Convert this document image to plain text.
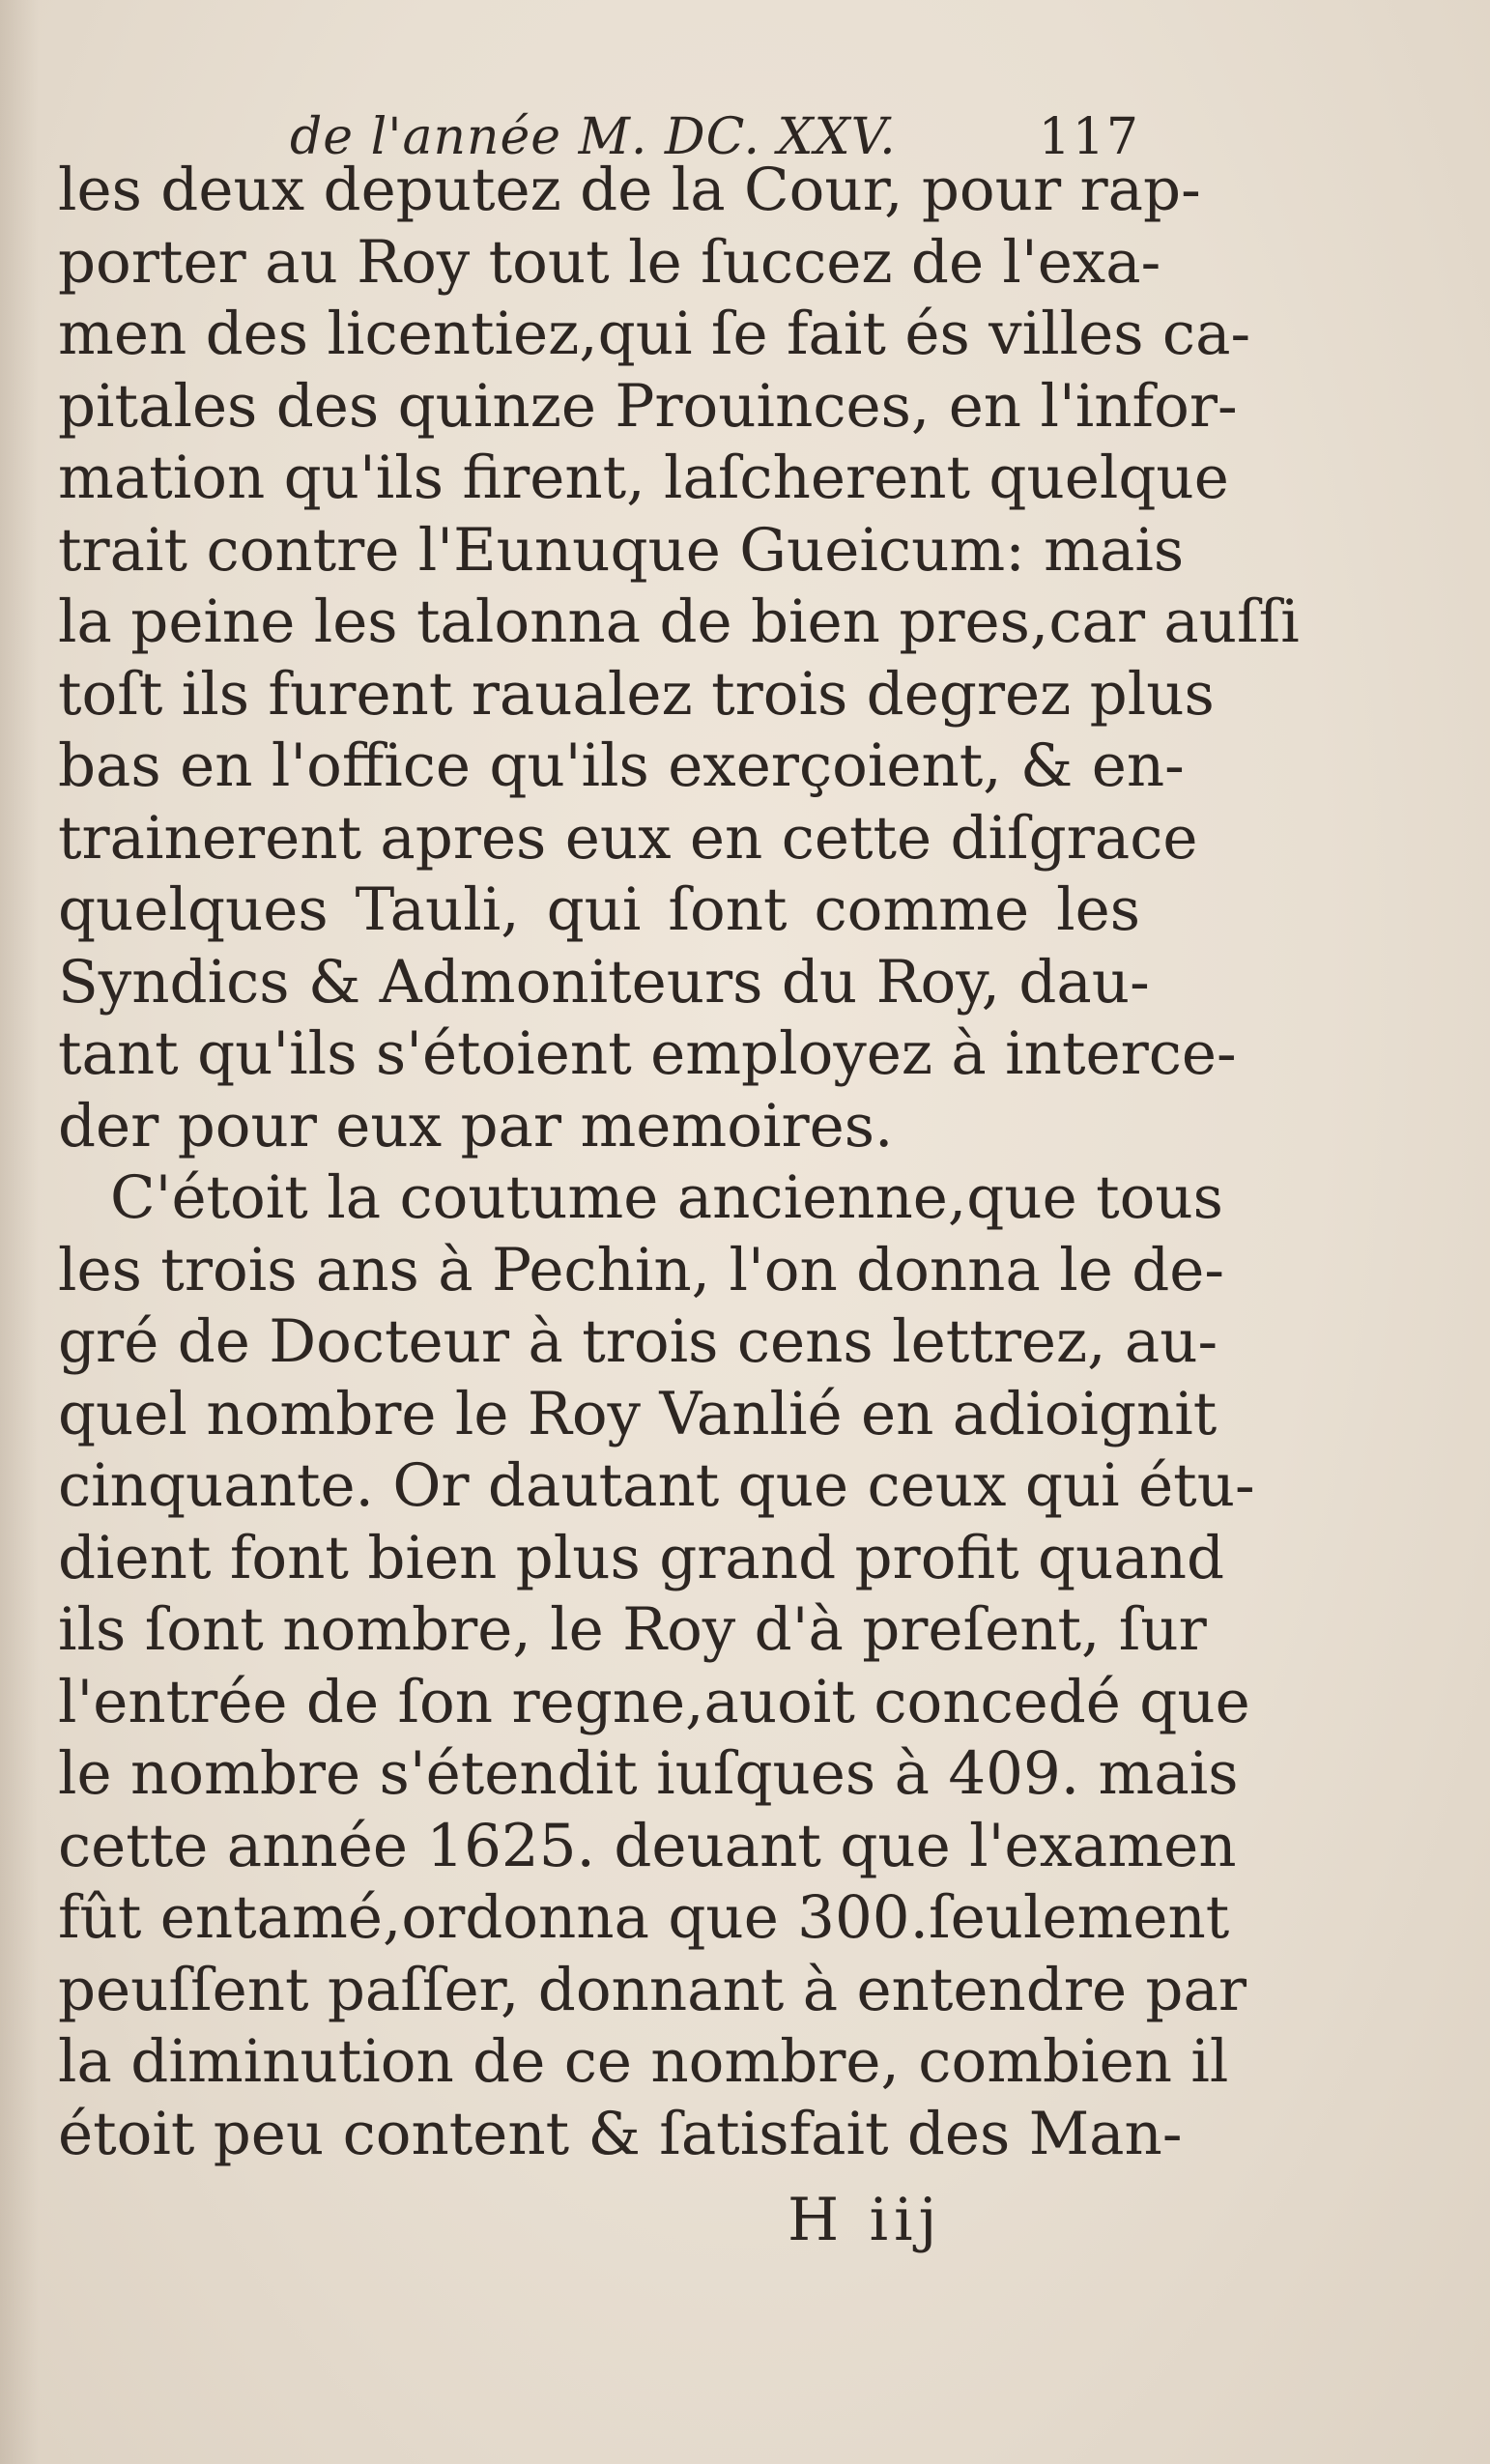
de l'année M. DC. XXV.	117
les deux deputez de la Cour, pour rap-
porter au Roy tout le ſuccez de l'exa-
men des licentiez,qui ſe fait és villes ca-
pitales des quinze Prouinces, en l'infor-
mation qu'ils firent, laſcherent quelque
trait contre l'Eunuque Gueicum: mais
la peine les talonna de bien pres,car auſſi
toſt ils furent raualez trois degrez plus
bas en l'office qu'ils exerçoient, & en-
trainerent apres eux en cette diſgrace
quelques Tauli, qui ſont comme les
Syndics & Admoniteurs du Roy, dau-
tant qu'ils s'étoient employez à interce-
der pour eux par memoires.
C'étoit la coutume ancienne,que tous
les trois ans à Pechin, l'on donna le de-
gré de Docteur à trois cens lettrez, au-
quel nombre le Roy Vanlié en adioignit
cinquante. Or dautant que ceux qui étu-
dient font bien plus grand profit quand
ils ſont nombre, le Roy d'à preſent, ſur
l'entrée de ſon regne,auoit concedé que
le nombre s'étendit iuſques à 409. mais
cette année 1625. deuant que l'examen
fût entamé,ordonna que 300.ſeulement
peuſſent paſſer, donnant à entendre par
la diminution de ce nombre, combien il
étoit peu content & ſatisfait des Man-
H iij
